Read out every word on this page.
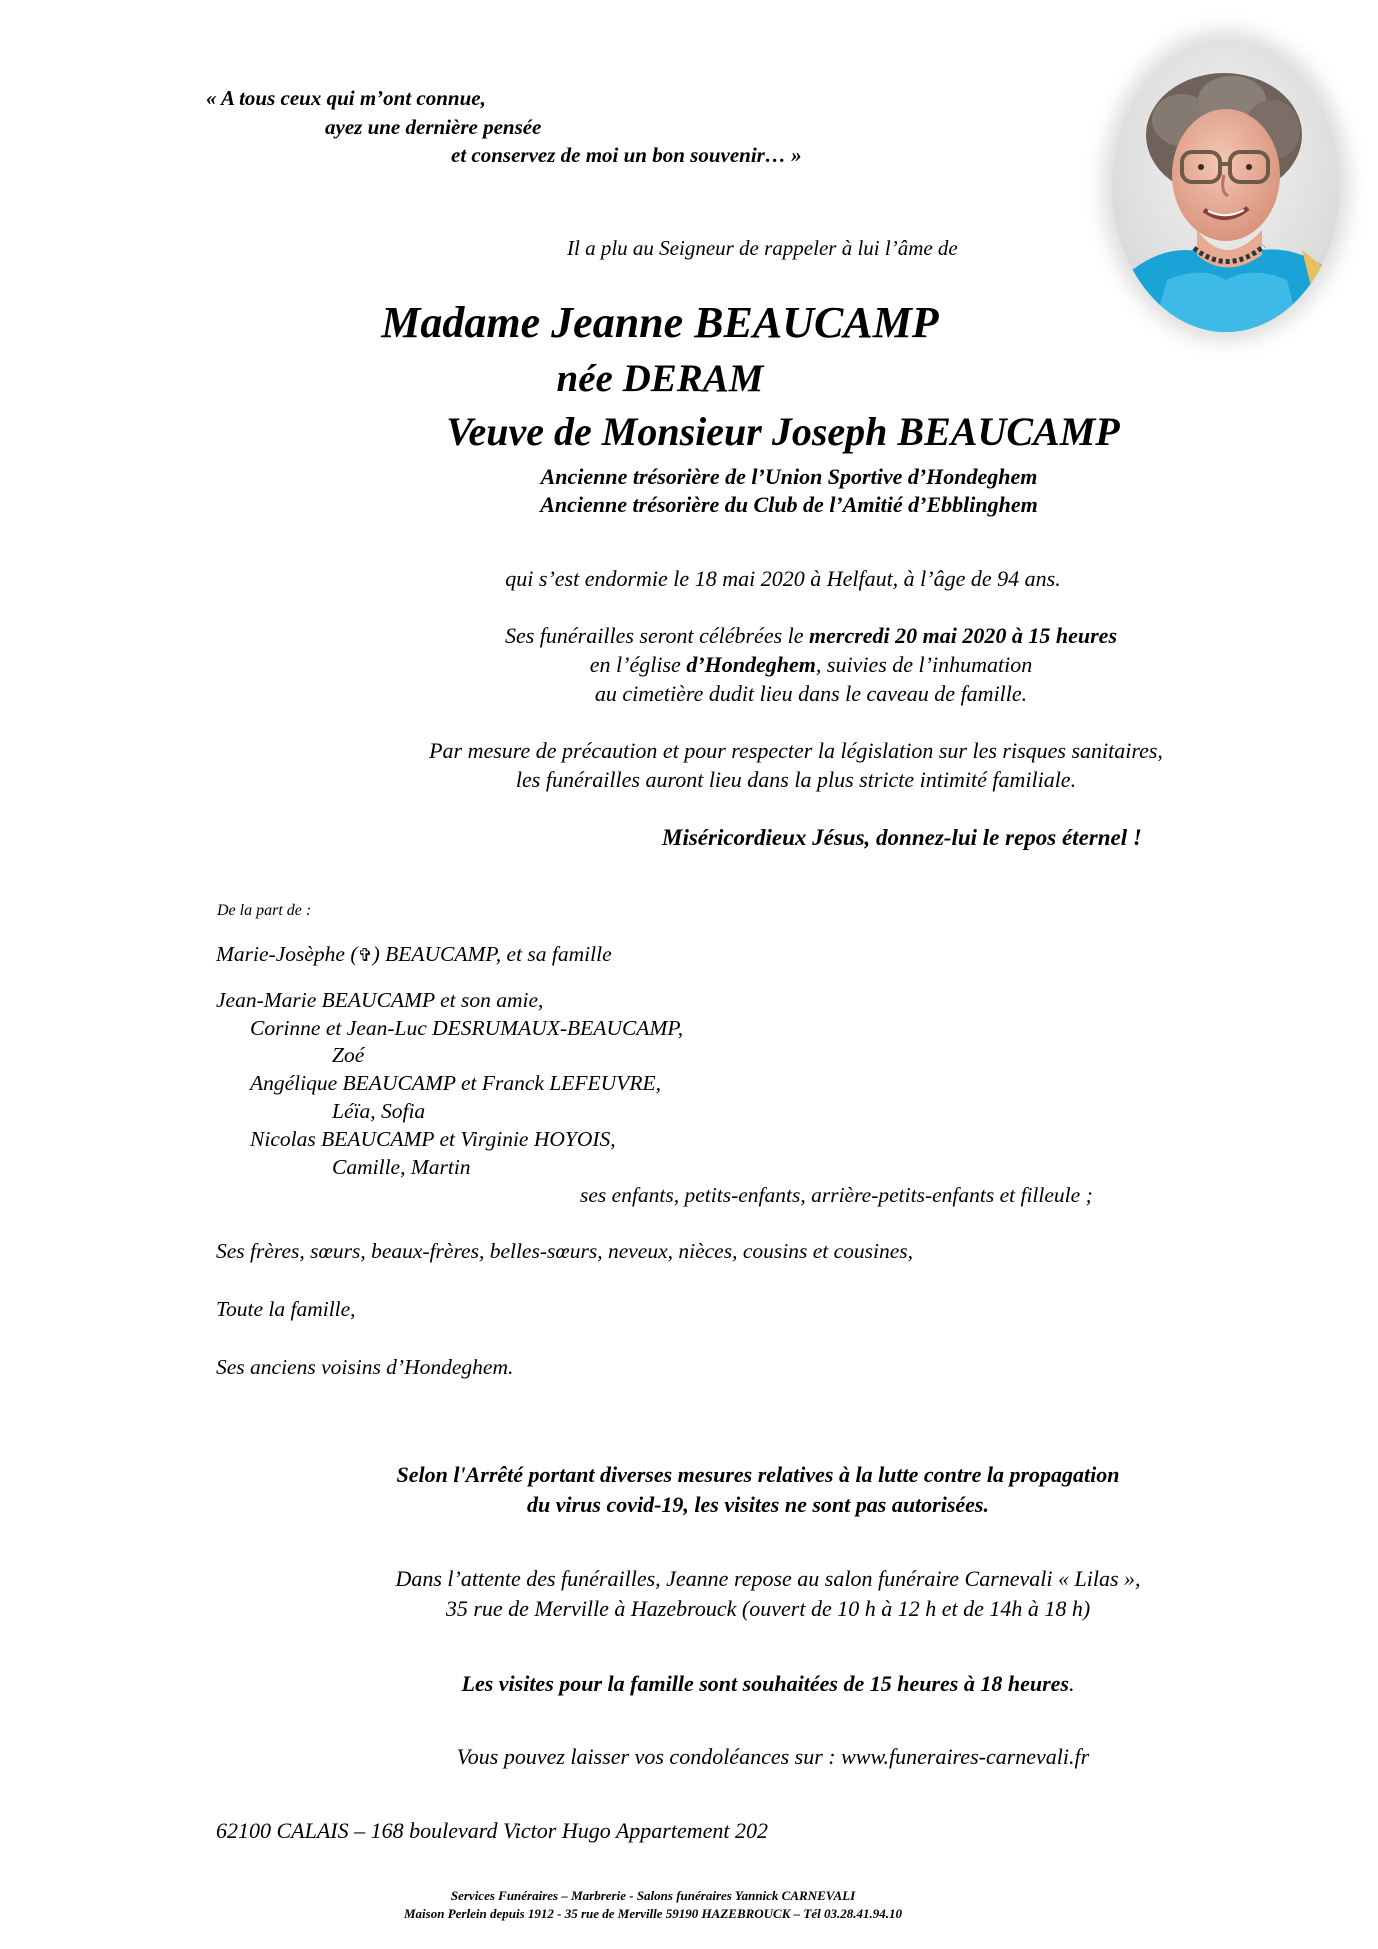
« A tous ceux qui m’ont connue,
ayez une dernière pensée
et conservez de moi un bon souvenir… »
Il a plu au Seigneur de rappeler à lui l’âme de
Madame Jeanne BEAUCAMP
née DERAM
Veuve de Monsieur Joseph BEAUCAMP
Ancienne trésorière de l’Union Sportive d’Hondeghem
Ancienne trésorière du Club de l’Amitié d’Ebblinghem
qui s’est endormie le 18 mai 2020 à Helfaut, à l’âge de 94 ans.
Ses funérailles seront célébrées le mercredi 20 mai 2020 à 15 heures
en l’église d’Hondeghem, suivies de l’inhumation
au cimetière dudit lieu dans le caveau de famille.
Par mesure de précaution et pour respecter la législation sur les risques sanitaires,
les funérailles auront lieu dans la plus stricte intimité familiale.
Miséricordieux Jésus, donnez-lui le repos éternel !
De la part de :
Marie-Josèphe (✞) BEAUCAMP, et sa famille
Jean-Marie BEAUCAMP et son amie,
Corinne et Jean-Luc DESRUMAUX-BEAUCAMP,
Zoé
Angélique BEAUCAMP et Franck LEFEUVRE,
Léïa, Sofia
Nicolas BEAUCAMP et Virginie HOYOIS,
Camille, Martin
ses enfants, petits-enfants, arrière-petits-enfants et filleule ;
Ses frères, sœurs, beaux-frères, belles-sœurs, neveux, nièces, cousins et cousines,
Toute la famille,
Ses anciens voisins d’Hondeghem.
Selon l'Arrêté portant diverses mesures relatives à la lutte contre la propagation
du virus covid-19, les visites ne sont pas autorisées.
Dans l’attente des funérailles, Jeanne repose au salon funéraire Carnevali « Lilas »,
35 rue de Merville à Hazebrouck (ouvert de 10 h à 12 h et de 14h à 18 h)
Les visites pour la famille sont souhaitées de 15 heures à 18 heures.
Vous pouvez laisser vos condoléances sur : www.funeraires-carnevali.fr
62100 CALAIS – 168 boulevard Victor Hugo Appartement 202
Services Funéraires – Marbrerie - Salons funéraires Yannick CARNEVALI
Maison Perlein depuis 1912 - 35 rue de Merville 59190 HAZEBROUCK – Tél 03.28.41.94.10
